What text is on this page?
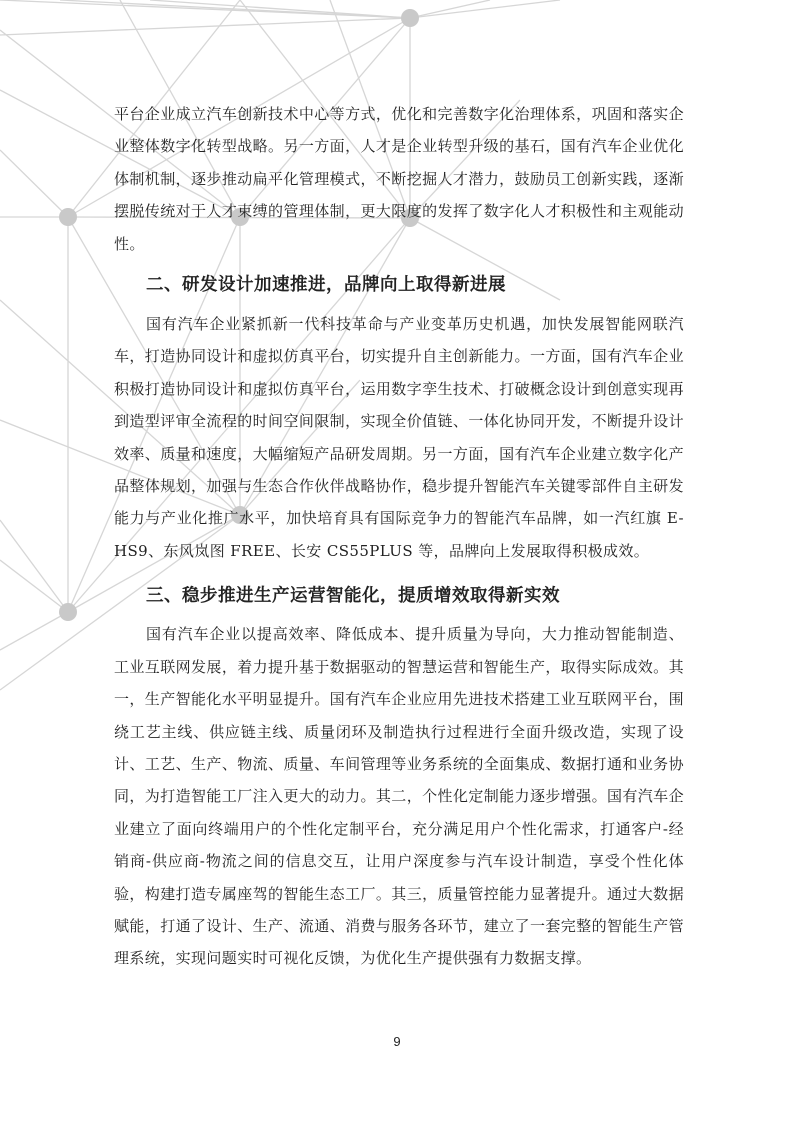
平台企业成立汽车创新技术中心等方式，优化和完善数字化治理体系，巩固和落实企业整体数字化转型战略。另一方面，人才是企业转型升级的基石，国有汽车企业优化体制机制，逐步推动扁平化管理模式，不断挖掘人才潜力，鼓励员工创新实践，逐渐摆脱传统对于人才束缚的管理体制，更大限度的发挥了数字化人才积极性和主观能动性。

二、研发设计加速推进，品牌向上取得新进展

国有汽车企业紧抓新一代科技革命与产业变革历史机遇，加快发展智能网联汽车，打造协同设计和虚拟仿真平台，切实提升自主创新能力。一方面，国有汽车企业积极打造协同设计和虚拟仿真平台，运用数字孪生技术、打破概念设计到创意实现再到造型评审全流程的时间空间限制，实现全价值链、一体化协同开发，不断提升设计效率、质量和速度，大幅缩短产品研发周期。另一方面，国有汽车企业建立数字化产品整体规划，加强与生态合作伙伴战略协作，稳步提升智能汽车关键零部件自主研发能力与产业化推广水平，加快培育具有国际竞争力的智能汽车品牌，如一汽红旗 E-HS9、东风岚图 FREE、长安 CS55PLUS 等，品牌向上发展取得积极成效。

三、稳步推进生产运营智能化，提质增效取得新实效

国有汽车企业以提高效率、降低成本、提升质量为导向，大力推动智能制造、工业互联网发展，着力提升基于数据驱动的智慧运营和智能生产，取得实际成效。其一，生产智能化水平明显提升。国有汽车企业应用先进技术搭建工业互联网平台，围绕工艺主线、供应链主线、质量闭环及制造执行过程进行全面升级改造，实现了设计、工艺、生产、物流、质量、车间管理等业务系统的全面集成、数据打通和业务协同，为打造智能工厂注入更大的动力。其二，个性化定制能力逐步增强。国有汽车企业建立了面向终端用户的个性化定制平台，充分满足用户个性化需求，打通客户-经销商-供应商-物流之间的信息交互，让用户深度参与汽车设计制造，享受个性化体验，构建打造专属座驾的智能生态工厂。其三，质量管控能力显著提升。通过大数据赋能，打通了设计、生产、流通、消费与服务各环节，建立了一套完整的智能生产管理系统，实现问题实时可视化反馈，为优化生产提供强有力数据支撑。

9
